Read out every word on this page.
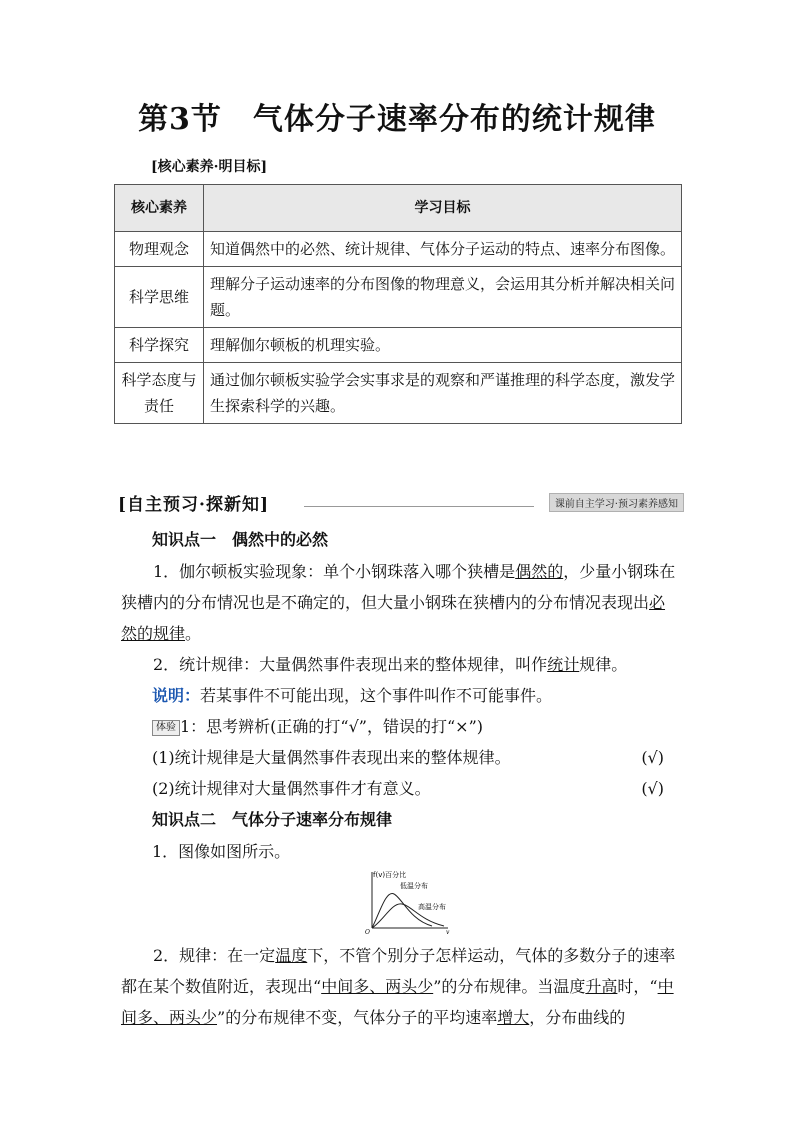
第3节　气体分子速率分布的统计规律
[核心素养·明目标]
核心素养	学习目标
物理观念	知道偶然中的必然、统计规律、气体分子运动的特点、速率分布图像。
科学思维	理解分子运动速率的分布图像的物理意义，会运用其分析并解决相关问题。
科学探究	理解伽尔顿板的机理实验。
科学态度与责任	通过伽尔顿板实验学会实事求是的观察和严谨推理的科学态度，激发学生探索科学的兴趣。
[自主预习·探新知]	课前自主学习·预习素养感知
知识点一　偶然中的必然
1．伽尔顿板实验现象：单个小钢珠落入哪个狭槽是偶然的，少量小钢珠在狭槽内的分布情况也是不确定的，但大量小钢珠在狭槽内的分布情况表现出必然的规律。
2．统计规律：大量偶然事件表现出来的整体规律，叫作统计规律。
说明：若某事件不可能出现，这个事件叫作不可能事件。
体验 1：思考辨析(正确的打“√”，错误的打“×”)
(1)统计规律是大量偶然事件表现出来的整体规律。	(√)
(2)统计规律对大量偶然事件才有意义。	(√)
知识点二　气体分子速率分布规律
1．图像如图所示。
f(v)百分比
低温分布
高温分布
O	v
2．规律：在一定温度下，不管个别分子怎样运动，气体的多数分子的速率都在某个数值附近，表现出“中间多、两头少”的分布规律。当温度升高时，“中间多、两头少”的分布规律不变，气体分子的平均速率增大，分布曲线的
